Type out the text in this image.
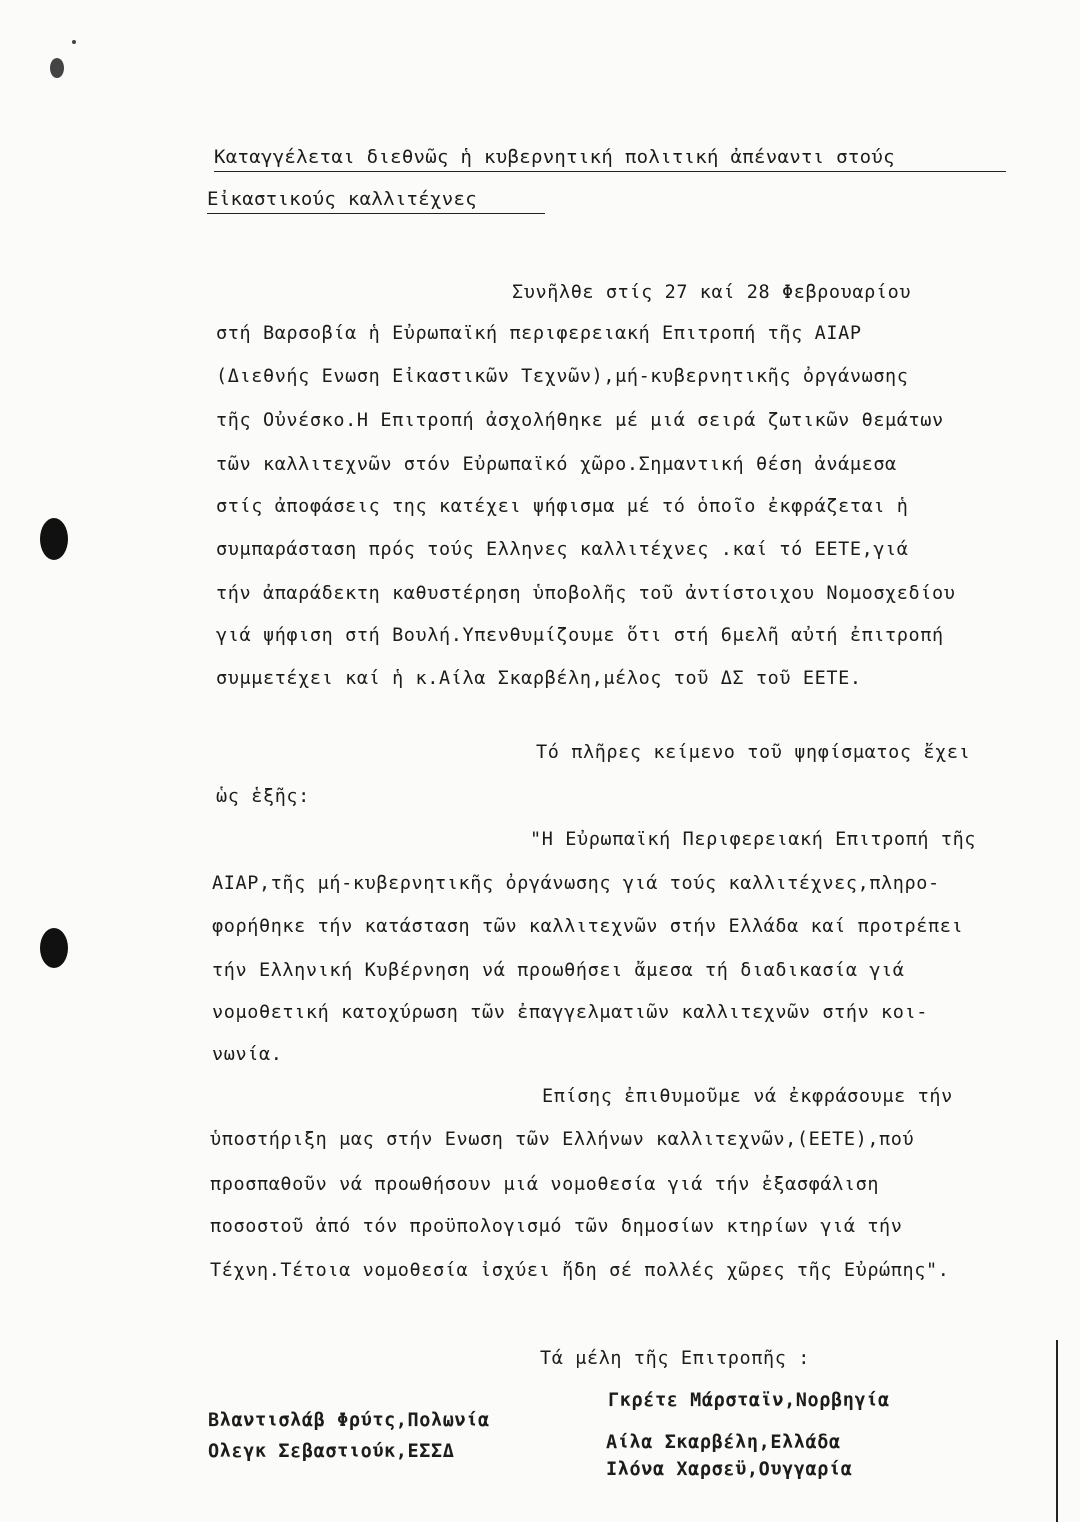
Καταγγέλεται διεθνῶς ἡ κυβερνητική πολιτική ἀπέναντι στούς
Εἰκαστικούς καλλιτέχνες
Συνῆλθε στίς 27 καί 28 Φεβρουαρίου
στή Βαρσοβία ἡ Εὐρωπαϊκή περιφερειακή Επιτροπή τῆς AIAP
(Διεθνής Ενωση Εἰκαστικῶν Τεχνῶν),μή-κυβερνητικῆς ὀργάνωσης
τῆς Οὐνέσκο.Η Επιτροπή ἀσχολήθηκε μέ μιά σειρά ζωτικῶν θεμάτων
τῶν καλλιτεχνῶν στόν Εὐρωπαϊκό χῶρο.Σημαντική θέση ἀνάμεσα
στίς ἀποφάσεις της κατέχει ψήφισμα μέ τό ὁποῖο ἐκφράζεται ἡ
συμπαράσταση πρός τούς Ελληνες καλλιτέχνες .καί τό ΕΕΤΕ,γιά
τήν ἀπαράδεκτη καθυστέρηση ὑποβολῆς τοῦ ἀντίστοιχου Νομοσχεδίου
γιά ψήφιση στή Βουλή.Υπενθυμίζουμε ὅτι στή 6μελῆ αὐτή ἐπιτροπή
συμμετέχει καί ἡ κ.Αίλα Σκαρβέλη,μέλος τοῦ ΔΣ τοῦ ΕΕΤΕ.
Τό πλῆρες κείμενο τοῦ ψηφίσματος ἔχει
ὡς ἑξῆς:
"Η Εὐρωπαϊκή Περιφερειακή Επιτροπή τῆς
AIAP,τῆς μή-κυβερνητικῆς ὀργάνωσης γιά τούς καλλιτέχνες,πληρο-
φορήθηκε τήν κατάσταση τῶν καλλιτεχνῶν στήν Ελλάδα καί προτρέπει
τήν Ελληνική Κυβέρνηση νά προωθήσει ἄμεσα τή διαδικασία γιά
νομοθετική κατοχύρωση τῶν ἐπαγγελματιῶν καλλιτεχνῶν στήν κοι-
νωνία.
Επίσης ἐπιθυμοῦμε νά ἐκφράσουμε τήν
ὑποστήριξη μας στήν Ενωση τῶν Ελλήνων καλλιτεχνῶν,(ΕΕΤΕ),πού
προσπαθοῦν νά προωθήσουν μιά νομοθεσία γιά τήν ἐξασφάλιση
ποσοστοῦ ἀπό τόν προϋπολογισμό τῶν δημοσίων κτηρίων γιά τήν
Τέχνη.Τέτοια νομοθεσία ἰσχύει ἤδη σέ πολλές χῶρες τῆς Εὐρώπης".
Τά μέλη τῆς Επιτροπῆς :
Γκρέτε Μάρσταϊν,Νορβηγία
Βλαντισλάβ Φρύτς,Πολωνία
Αίλα Σκαρβέλη,Ελλάδα
Ολεγκ Σεβαστιούκ,ΕΣΣΔ
Ιλόνα Χαρσεϋ,Ουγγαρία
